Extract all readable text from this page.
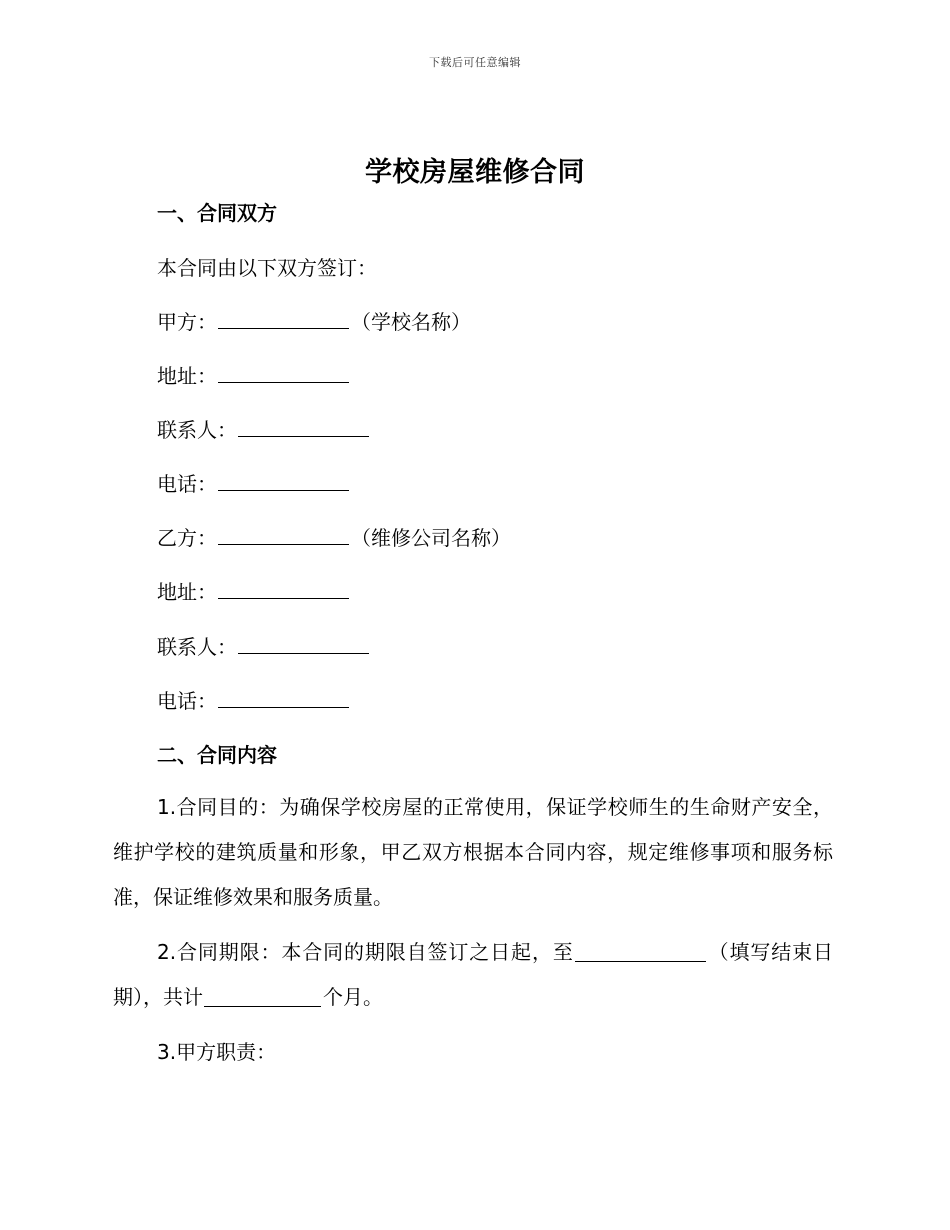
下载后可任意编辑
学校房屋维修合同
一、合同双方
本合同由以下双方签订：
甲方：	（学校名称）
地址：
联系人：
电话：
乙方：	（维修公司名称）
地址：
联系人：
电话：
二、合同内容
1.合同目的：为确保学校房屋的正常使用，保证学校师生的生命财产安全，维护学校的建筑质量和形象，甲乙双方根据本合同内容，规定维修事项和服务标准，保证维修效果和服务质量。
2.合同期限：本合同的期限自签订之日起，至	（填写结束日期），共计	个月。
3.甲方职责：
